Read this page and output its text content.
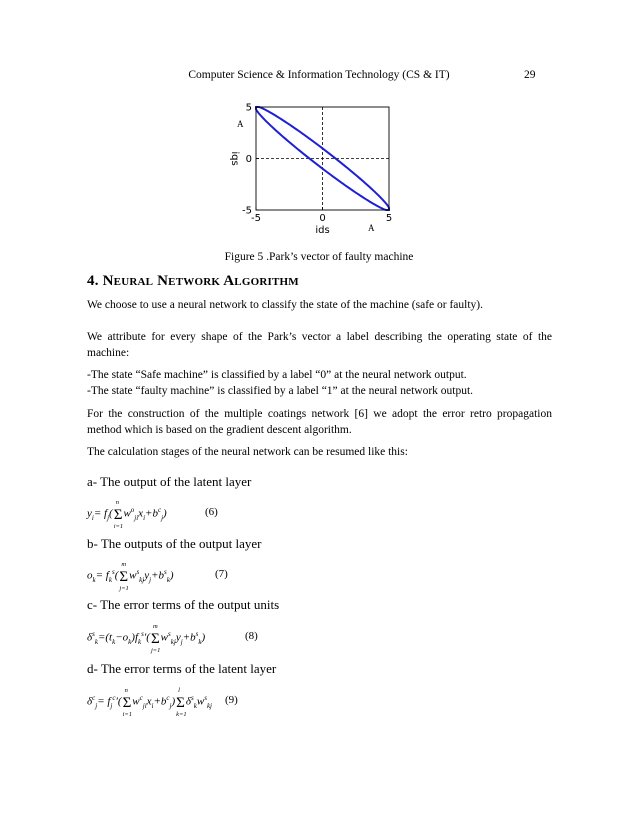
Computer Science & Information Technology (CS & IT)	29
-5	0	5
5
0
-5
ids
iqs
A
A
Figure 5 .Park’s vector of faulty machine
4. NEURAL NETWORK ALGORITHM
We choose to use a neural network to classify the state of the machine (safe or faulty).
We attribute for every shape of the Park’s vector a label describing the operating state of the machine:
-The state “Safe machine” is classified by a label “0” at the neural network output.
-The state “faulty machine” is classified by a label “1” at the neural network output.
For the construction of the multiple coatings network [6] we adopt the error retro propagation method which is based on the gradient descent algorithm.
The calculation stages of the neural network can be resumed like this:
a- The output of the latent layer
$y_i= f_j(\Sigma$
n
i=1
$w^o_{ji}x_i+b^c_j$)	(6)
b- The outputs of the output layer
$o_k= f_k^s(\Sigma$
m
j=1
$w^s_{kj}y_j+b^s_k$)	(7)
c- The error terms of the output units
$\delta^s_k=(t_k-o_k)f_k^s'(\Sigma$
m
j=1
$w^s_{kj}y_j+b^s_k$)	(8)
d- The error terms of the latent layer
$\delta^c_j= f_j^c'(\Sigma$
n
i=1
$w^c_{ji}x_i+b^c_j)\Sigma$
l
k=1
$\delta^s_kw^s_{kj}$ (9)
